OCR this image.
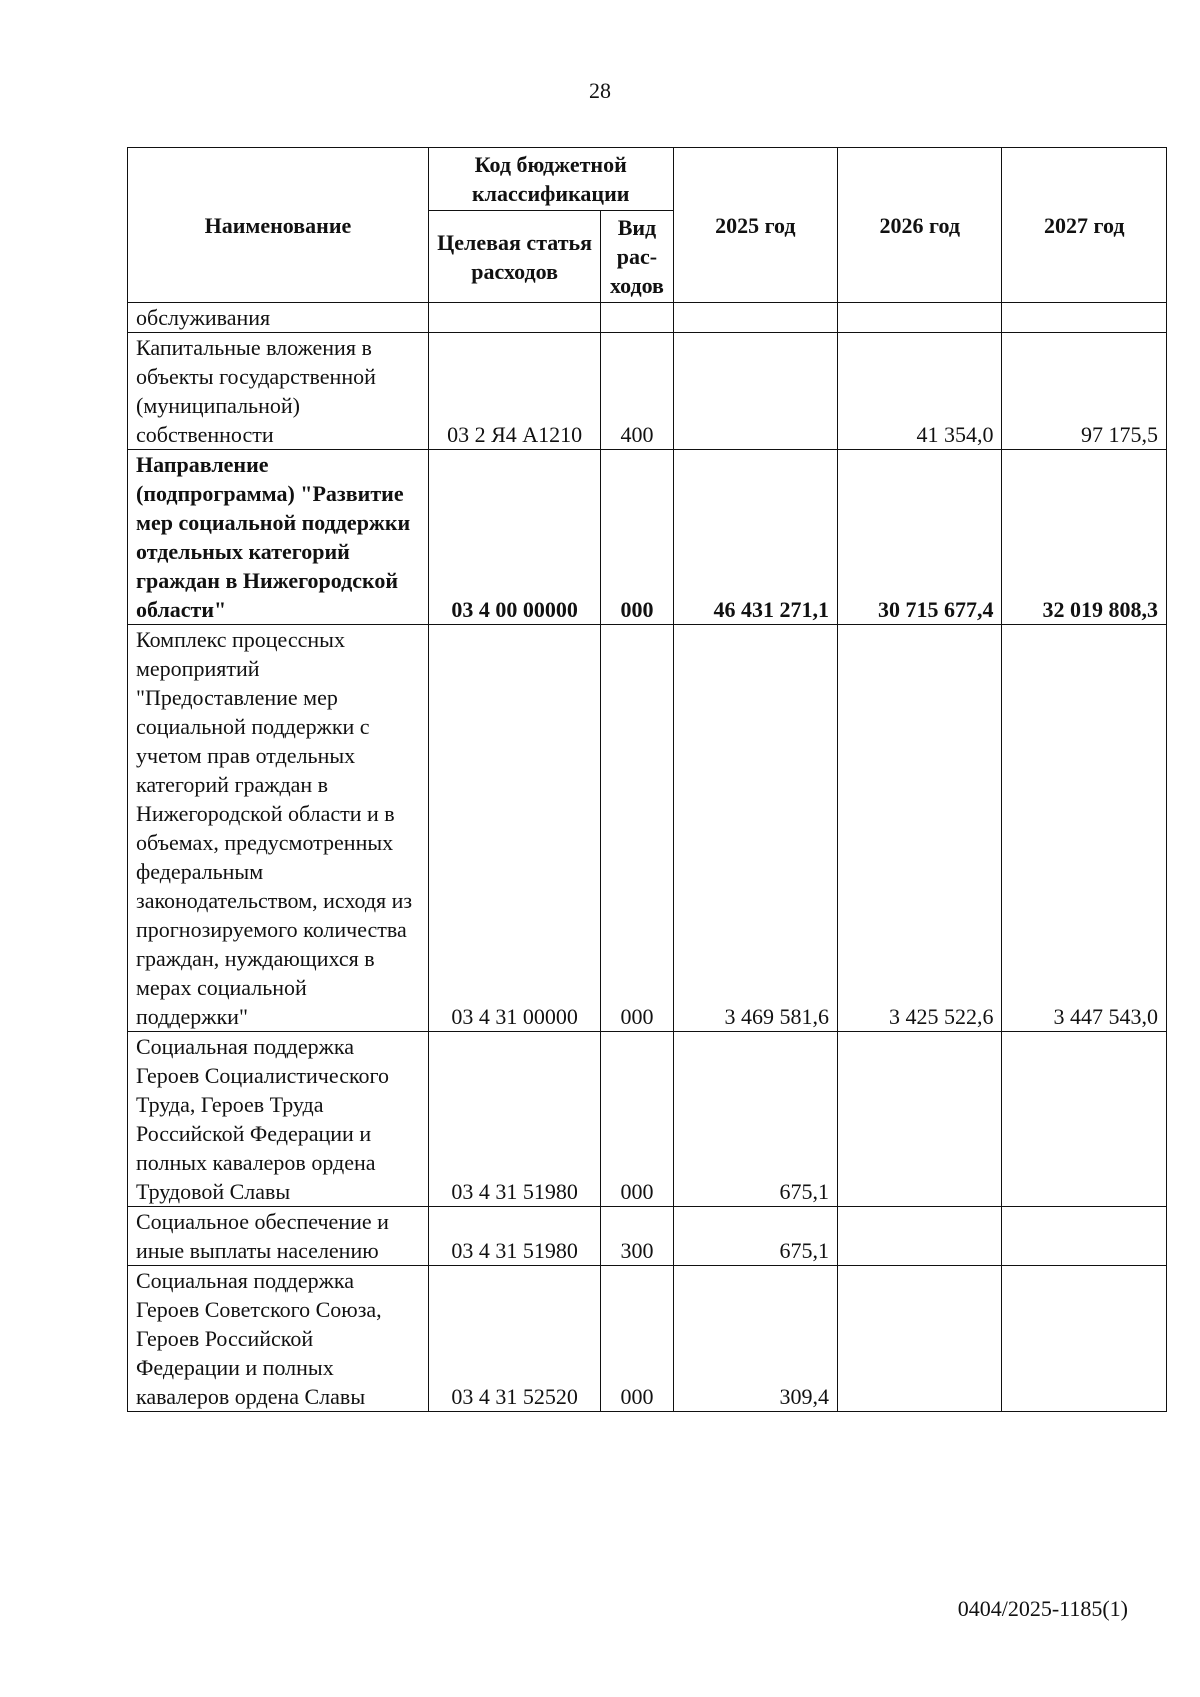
28
Наименование	Код бюджетной классификации		2025 год	2026 год	2027 год
	Целевая статья расходов	Вид рас-ходов			
обслуживания					
Капитальные вложения в объекты государственной (муниципальной) собственности	03 2 Я4 А1210	400		41 354,0	97 175,5
Направление (подпрограмма) "Развитие мер социальной поддержки отдельных категорий граждан в Нижегородской области"	03 4 00 00000	000	46 431 271,1	30 715 677,4	32 019 808,3
Комплекс процессных мероприятий "Предоставление мер социальной поддержки с учетом прав отдельных категорий граждан в Нижегородской области и в объемах, предусмотренных федеральным законодательством, исходя из прогнозируемого количества граждан, нуждающихся в мерах социальной поддержки"	03 4 31 00000	000	3 469 581,6	3 425 522,6	3 447 543,0
Социальная поддержка Героев Социалистического Труда, Героев Труда Российской Федерации и полных кавалеров ордена Трудовой Славы	03 4 31 51980	000	675,1		
Социальное обеспечение и иные выплаты населению	03 4 31 51980	300	675,1		
Социальная поддержка Героев Советского Союза, Героев Российской Федерации и полных кавалеров ордена Славы	03 4 31 52520	000	309,4		
0404/2025-1185(1)
